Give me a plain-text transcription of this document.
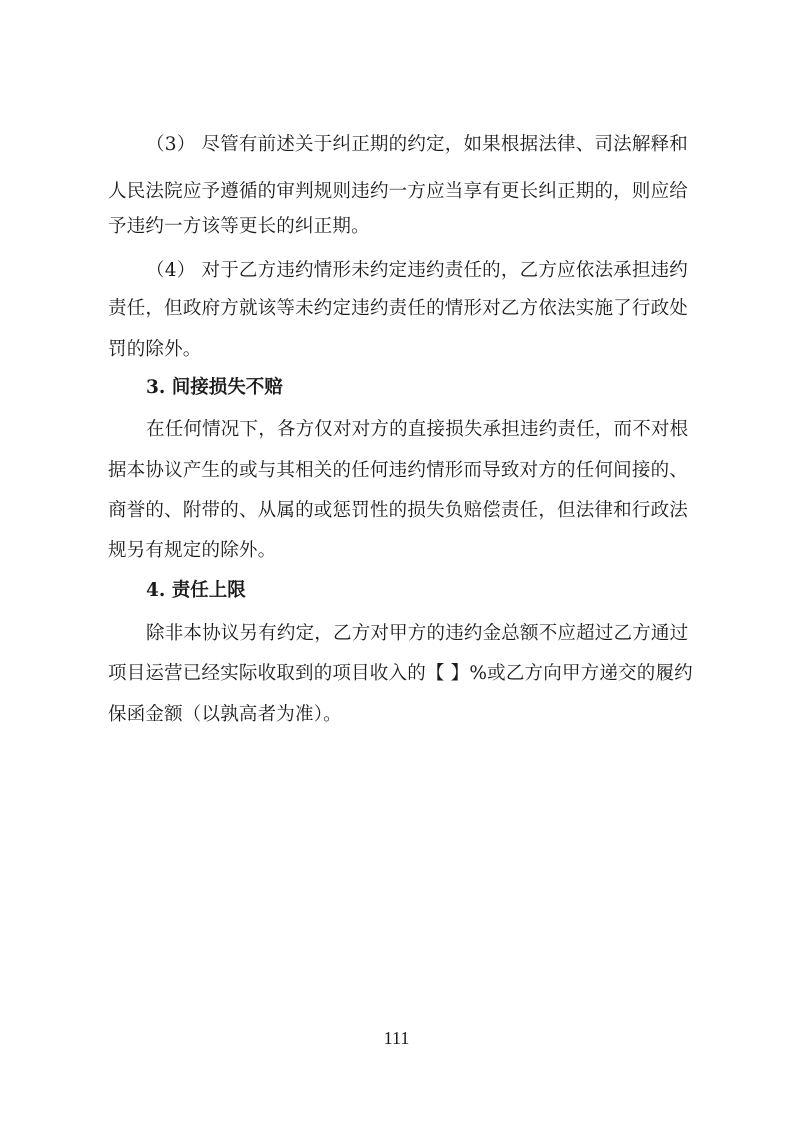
（3） 尽管有前述关于纠正期的约定，如果根据法律、司法解释和
人民法院应予遵循的审判规则违约一方应当享有更长纠正期的，则应给
予违约一方该等更长的纠正期。
（4） 对于乙方违约情形未约定违约责任的，乙方应依法承担违约
责任，但政府方就该等未约定违约责任的情形对乙方依法实施了行政处
罚的除外。
3. 间接损失不赔
在任何情况下，各方仅对对方的直接损失承担违约责任，而不对根
据本协议产生的或与其相关的任何违约情形而导致对方的任何间接的、
商誉的、附带的、从属的或惩罚性的损失负赔偿责任，但法律和行政法
规另有规定的除外。
4. 责任上限
除非本协议另有约定，乙方对甲方的违约金总额不应超过乙方通过
项目运营已经实际收取到的项目收入的【 】%或乙方向甲方递交的履约
保函金额（以孰高者为准）。
111
